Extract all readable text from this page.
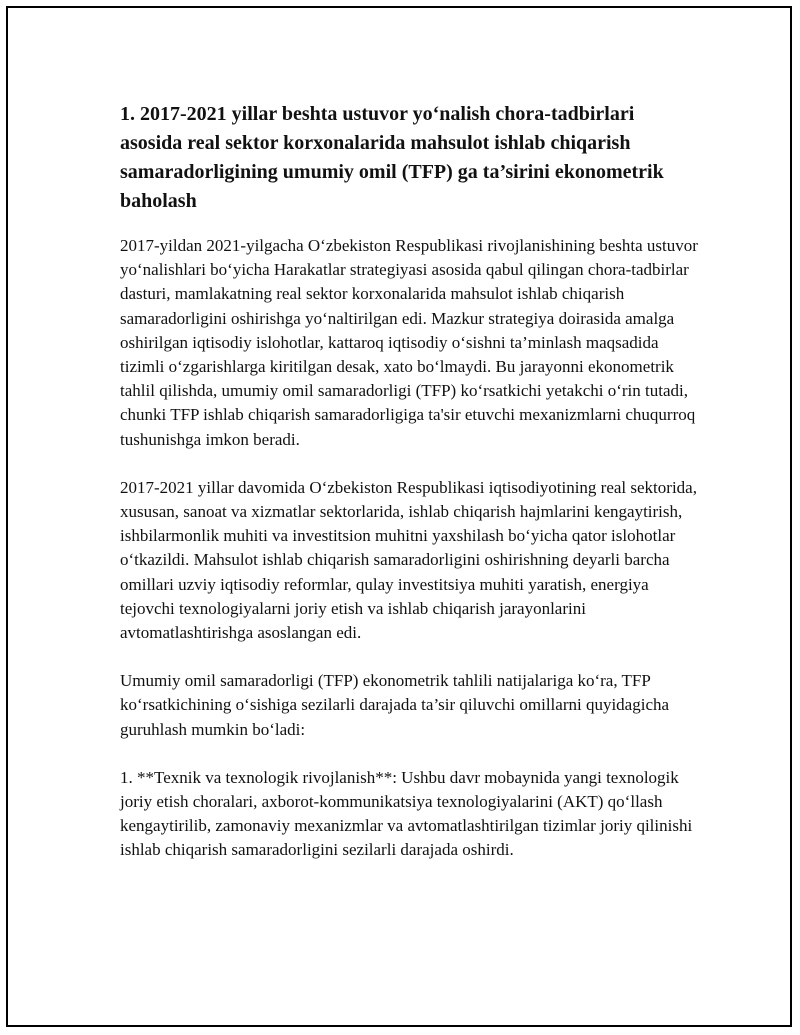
1. 2017-2021 yillar beshta ustuvor yo‘nalish chora-tadbirlari asosida real sektor korxonalarida mahsulot ishlab chiqarish samaradorligining umumiy omil (TFP) ga ta’sirini ekonometrik baholash

2017-yildan 2021-yilgacha O‘zbekiston Respublikasi rivojlanishining beshta ustuvor yo‘nalishlari bo‘yicha Harakatlar strategiyasi asosida qabul qilingan chora-tadbirlar dasturi, mamlakatning real sektor korxonalarida mahsulot ishlab chiqarish samaradorligini oshirishga yo‘naltirilgan edi. Mazkur strategiya doirasida amalga oshirilgan iqtisodiy islohotlar, kattaroq iqtisodiy o‘sishni ta’minlash maqsadida tizimli o‘zgarishlarga kiritilgan desak, xato bo‘lmaydi. Bu jarayonni ekonometrik tahlil qilishda, umumiy omil samaradorligi (TFP) ko‘rsatkichi yetakchi o‘rin tutadi, chunki TFP ishlab chiqarish samaradorligiga ta'sir etuvchi mexanizmlarni chuqurroq tushunishga imkon beradi.

2017-2021 yillar davomida O‘zbekiston Respublikasi iqtisodiyotining real sektorida, xususan, sanoat va xizmatlar sektorlarida, ishlab chiqarish hajmlarini kengaytirish, ishbilarmonlik muhiti va investitsion muhitni yaxshilash bo‘yicha qator islohotlar o‘tkazildi. Mahsulot ishlab chiqarish samaradorligini oshirishning deyarli barcha omillari uzviy iqtisodiy reformlar, qulay investitsiya muhiti yaratish, energiya tejovchi texnologiyalarni joriy etish va ishlab chiqarish jarayonlarini avtomatlashtirishga asoslangan edi.

Umumiy omil samaradorligi (TFP) ekonometrik tahlili natijalariga ko‘ra, TFP ko‘rsatkichining o‘sishiga sezilarli darajada ta’sir qiluvchi omillarni quyidagicha guruhlash mumkin bo‘ladi:

1. **Texnik va texnologik rivojlanish**: Ushbu davr mobaynida yangi texnologik joriy etish choralari, axborot-kommunikatsiya texnologiyalarini (AKT) qo‘llash kengaytirilib, zamonaviy mexanizmlar va avtomatlashtirilgan tizimlar joriy qilinishi ishlab chiqarish samaradorligini sezilarli darajada oshirdi.
